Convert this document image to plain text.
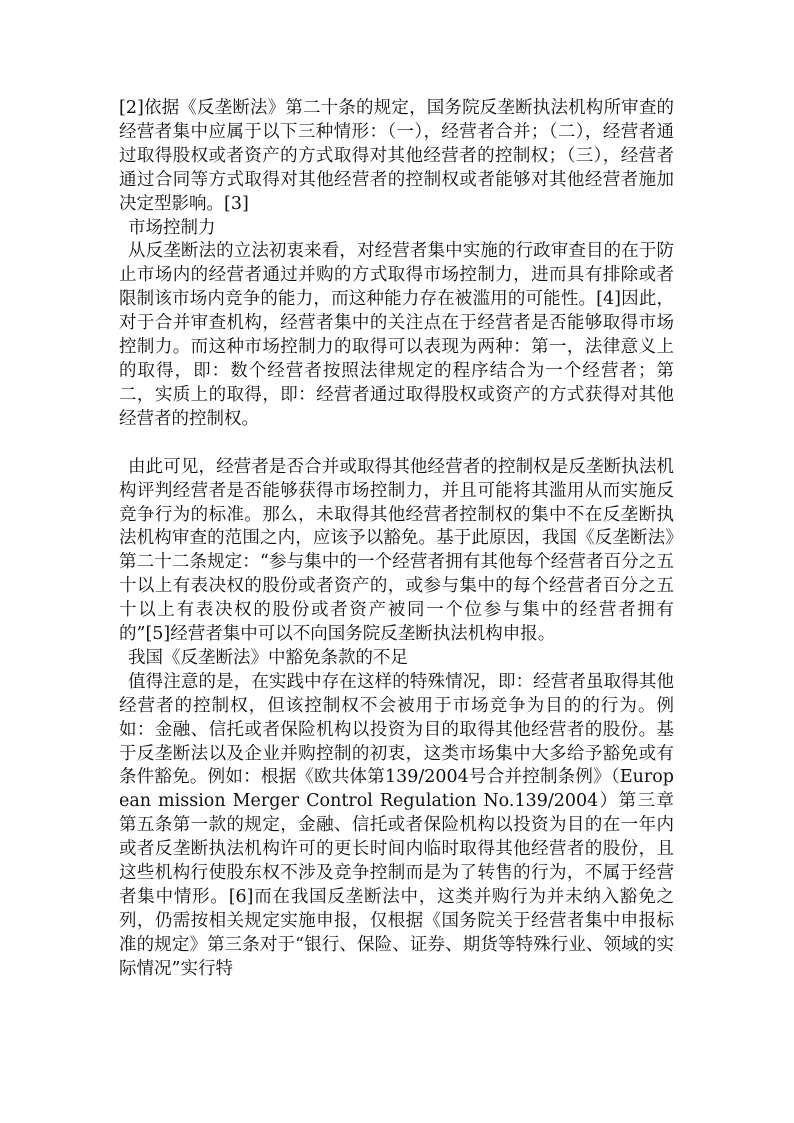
[2]依据《反垄断法》第二十条的规定，国务院反垄断执法机构所审查的经营者集中应属于以下三种情形：（一），经营者合并；（二），经营者通过取得股权或者资产的方式取得对其他经营者的控制权；（三），经营者通过合同等方式取得对其他经营者的控制权或者能够对其他经营者施加决定型影响。[3]

市场控制力

从反垄断法的立法初衷来看，对经营者集中实施的行政审查目的在于防止市场内的经营者通过并购的方式取得市场控制力，进而具有排除或者限制该市场内竞争的能力，而这种能力存在被滥用的可能性。[4]因此，对于合并审查机构，经营者集中的关注点在于经营者是否能够取得市场控制力。而这种市场控制力的取得可以表现为两种：第一，法律意义上的取得，即：数个经营者按照法律规定的程序结合为一个经营者；第二，实质上的取得，即：经营者通过取得股权或资产的方式获得对其他经营者的控制权。

由此可见，经营者是否合并或取得其他经营者的控制权是反垄断执法机构评判经营者是否能够获得市场控制力，并且可能将其滥用从而实施反竞争行为的标准。那么，未取得其他经营者控制权的集中不在反垄断执法机构审查的范围之内，应该予以豁免。基于此原因，我国《反垄断法》第二十二条规定：“参与集中的一个经营者拥有其他每个经营者百分之五十以上有表决权的股份或者资产的，或参与集中的每个经营者百分之五十以上有表决权的股份或者资产被同一个位参与集中的经营者拥有的”[5]经营者集中可以不向国务院反垄断执法机构申报。

我国《反垄断法》中豁免条款的不足

值得注意的是，在实践中存在这样的特殊情况，即：经营者虽取得其他经营者的控制权，但该控制权不会被用于市场竞争为目的的行为。例如：金融、信托或者保险机构以投资为目的取得其他经营者的股份。基于反垄断法以及企业并购控制的初衷，这类市场集中大多给予豁免或有条件豁免。例如：根据《欧共体第139/2004号合并控制条例》（European mission Merger Control Regulation No.139/2004）第三章第五条第一款的规定，金融、信托或者保险机构以投资为目的在一年内或者反垄断执法机构许可的更长时间内临时取得其他经营者的股份，且这些机构行使股东权不涉及竞争控制而是为了转售的行为，不属于经营者集中情形。[6]而在我国反垄断法中，这类并购行为并未纳入豁免之列，仍需按相关规定实施申报，仅根据《国务院关于经营者集中申报标准的规定》第三条对于“银行、保险、证券、期货等特殊行业、领域的实际情况”实行特
